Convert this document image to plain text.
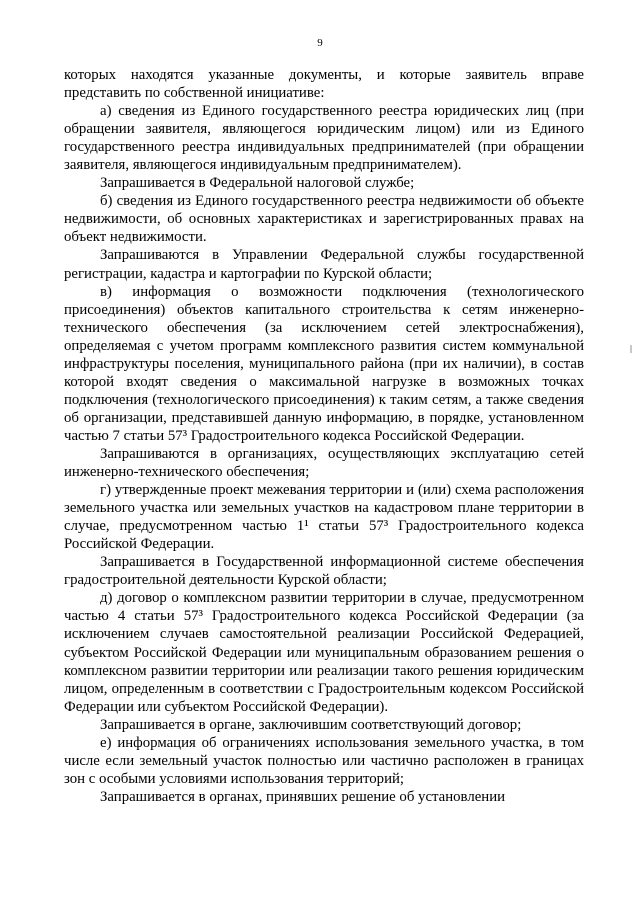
9

которых находятся указанные документы, и которые заявитель вправе представить по собственной инициативе:

а) сведения из Единого государственного реестра юридических лиц (при обращении заявителя, являющегося юридическим лицом) или из Единого государственного реестра индивидуальных предпринимателей (при обращении заявителя, являющегося индивидуальным предпринимателем).

Запрашивается в Федеральной налоговой службе;

б) сведения из Единого государственного реестра недвижимости об объекте недвижимости, об основных характеристиках и зарегистрированных правах на объект недвижимости.

Запрашиваются в Управлении Федеральной службы государственной регистрации, кадастра и картографии по Курской области;

в) информация о возможности подключения (технологического присоединения) объектов капитального строительства к сетям инженерно-технического обеспечения (за исключением сетей электроснабжения), определяемая с учетом программ комплексного развития систем коммунальной инфраструктуры поселения, муниципального района (при их наличии), в состав которой входят сведения о максимальной нагрузке в возможных точках подключения (технологического присоединения) к таким сетям, а также сведения об организации, представившей данную информацию, в порядке, установленном частью 7 статьи 57³ Градостроительного кодекса Российской Федерации.

Запрашиваются в организациях, осуществляющих эксплуатацию сетей инженерно-технического обеспечения;

г) утвержденные проект межевания территории и (или) схема расположения земельного участка или земельных участков на кадастровом плане территории в случае, предусмотренном частью 1¹ статьи 57³ Градостроительного кодекса Российской Федерации.

Запрашивается в Государственной информационной системе обеспечения градостроительной деятельности Курской области;

д) договор о комплексном развитии территории в случае, предусмотренном частью 4 статьи 57³ Градостроительного кодекса Российской Федерации (за исключением случаев самостоятельной реализации Российской Федерацией, субъектом Российской Федерации или муниципальным образованием решения о комплексном развитии территории или реализации такого решения юридическим лицом, определенным в соответствии с Градостроительным кодексом Российской Федерации или субъектом Российской Федерации).

Запрашивается в органе, заключившим соответствующий договор;

е) информация об ограничениях использования земельного участка, в том числе если земельный участок полностью или частично расположен в границах зон с особыми условиями использования территорий;

Запрашивается в органах, принявших решение об установлении
